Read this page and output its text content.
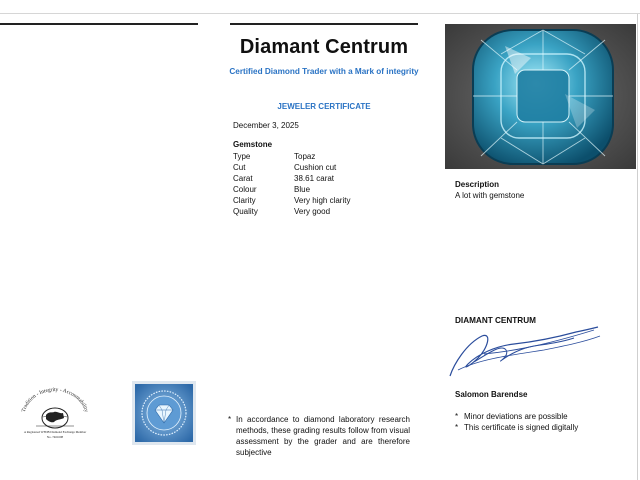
Diamant Centrum
Certified Diamond Trader with a Mark of integrity
JEWELER CERTIFICATE
December 3, 2025
Gemstone
Type	Topaz
Cut	Cushion cut
Carat	38.61 carat
Colour	Blue
Clarity	Very high clarity
Quality	Very good
Description
A lot with gemstone
DIAMANT CENTRUM
Salomon Barendse
* Minor deviations are possible
* This certificate is signed digitally
* In accordance to diamond laboratory research methods, these grading results follow from visual assessment by the grader and are therefore subjective
Tradition - Integrity - Accountability
A Registered WFDB Diamond Exchange Member
No. 7461608
